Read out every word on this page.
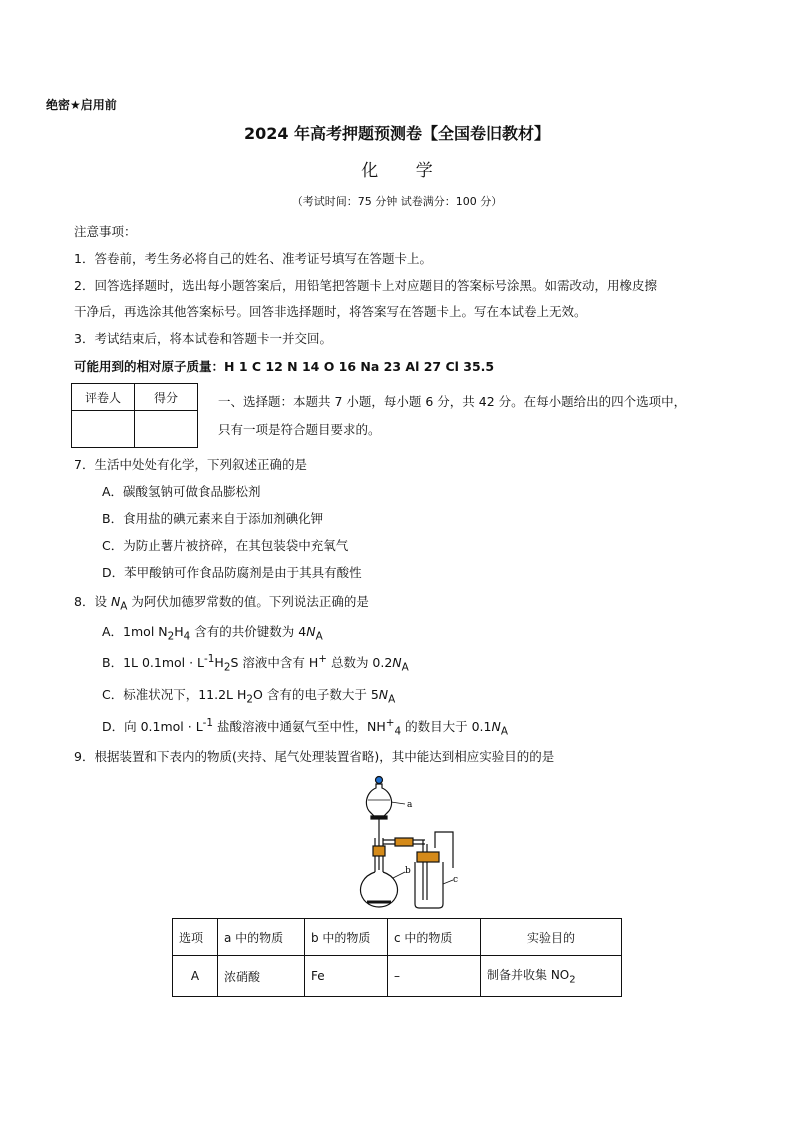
绝密★启用前
2024 年高考押题预测卷【全国卷旧教材】
化 学
（考试时间：75 分钟 试卷满分：100 分）
注意事项：
1．答卷前，考生务必将自己的姓名、准考证号填写在答题卡上。
2．回答选择题时，选出每小题答案后，用铅笔把答题卡上对应题目的答案标号涂黑。如需改动，用橡皮擦
干净后，再选涂其他答案标号。回答非选择题时，将答案写在答题卡上。写在本试卷上无效。
3．考试结束后，将本试卷和答题卡一并交回。
可能用到的相对原子质量：H 1 C 12 N 14 O 16 Na 23 Al 27 Cl 35.5
评卷人	得分
		一、选择题：本题共 7 小题，每小题 6 分，共 42 分。在每小题给出的四个选项中，
只有一项是符合题目要求的。
7．生活中处处有化学，下列叙述正确的是
A．碳酸氢钠可做食品膨松剂
B．食用盐的碘元素来自于添加剂碘化钾
C．为防止薯片被挤碎，在其包装袋中充氧气
D．苯甲酸钠可作食品防腐剂是由于其具有酸性
8．设 $N_A$ 为阿伏加德罗常数的值。下列说法正确的是
A．1mol $N_2H_4$ 含有的共价键数为 $4N_A$
B．1L $0.1mol \cdot L^{-1}H_2S$ 溶液中含有 H+ 总数为 $0.2N_A$
C．标准状况下，11.2L $H_2O$ 含有的电子数大于 $5N_A$
D．向 $0.1mol \cdot L^{-1}$ 盐酸溶液中通氨气至中性，$NH^+_4$ 的数目大于 $0.1N_A$
9．根据装置和下表内的物质(夹持、尾气处理装置省略)，其中能达到相应实验目的的是
a
b
c
选项	a 中的物质	b 中的物质	c 中的物质	实验目的
A	浓硝酸	Fe	–	制备并收集 $NO_2$
